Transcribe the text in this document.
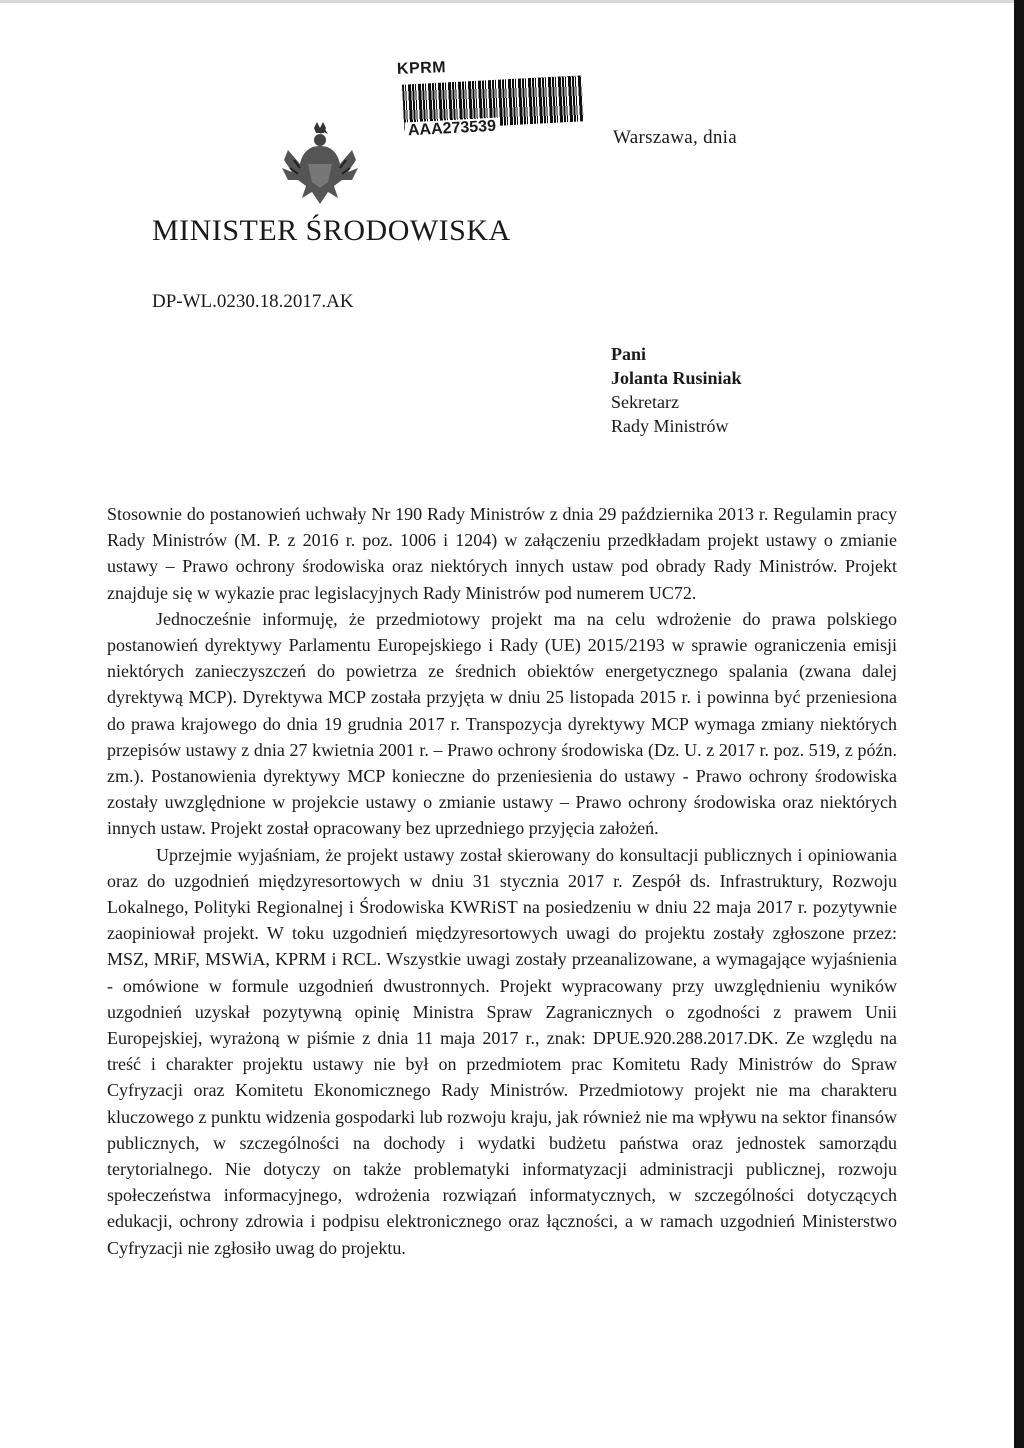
KPRM
AAA273539	Warszawa, dnia
MINISTER ŚRODOWISKA
DP-WL.0230.18.2017.AK
Pani
Jolanta Rusiniak
Sekretarz
Rady Ministrów

Stosownie do postanowień uchwały Nr 190 Rady Ministrów z dnia 29 października 2013 r. Regulamin pracy Rady Ministrów (M. P. z 2016 r. poz. 1006 i 1204) w załączeniu przedkładam projekt ustawy o zmianie ustawy – Prawo ochrony środowiska oraz niektórych innych ustaw pod obrady Rady Ministrów. Projekt znajduje się w wykazie prac legislacyjnych Rady Ministrów pod numerem UC72.

Jednocześnie informuję, że przedmiotowy projekt ma na celu wdrożenie do prawa polskiego postanowień dyrektywy Parlamentu Europejskiego i Rady (UE) 2015/2193 w sprawie ograniczenia emisji niektórych zanieczyszczeń do powietrza ze średnich obiektów energetycznego spalania (zwana dalej dyrektywą MCP). Dyrektywa MCP została przyjęta w dniu 25 listopada 2015 r. i powinna być przeniesiona do prawa krajowego do dnia 19 grudnia 2017 r. Transpozycja dyrektywy MCP wymaga zmiany niektórych przepisów ustawy z dnia 27 kwietnia 2001 r. – Prawo ochrony środowiska (Dz. U. z 2017 r. poz. 519, z późn. zm.). Postanowienia dyrektywy MCP konieczne do przeniesienia do ustawy - Prawo ochrony środowiska zostały uwzględnione w projekcie ustawy o zmianie ustawy – Prawo ochrony środowiska oraz niektórych innych ustaw. Projekt został opracowany bez uprzedniego przyjęcia założeń.

Uprzejmie wyjaśniam, że projekt ustawy został skierowany do konsultacji publicznych i opiniowania oraz do uzgodnień międzyresortowych w dniu 31 stycznia 2017 r. Zespół ds. Infrastruktury, Rozwoju Lokalnego, Polityki Regionalnej i Środowiska KWRiST na posiedzeniu w dniu 22 maja 2017 r. pozytywnie zaopiniował projekt. W toku uzgodnień międzyresortowych uwagi do projektu zostały zgłoszone przez: MSZ, MRiF, MSWiA, KPRM i RCL. Wszystkie uwagi zostały przeanalizowane, a wymagające wyjaśnienia - omówione w formule uzgodnień dwustronnych. Projekt wypracowany przy uwzględnieniu wyników uzgodnień uzyskał pozytywną opinię Ministra Spraw Zagranicznych o zgodności z prawem Unii Europejskiej, wyrażoną w piśmie z dnia 11 maja 2017 r., znak: DPUE.920.288.2017.DK. Ze względu na treść i charakter projektu ustawy nie był on przedmiotem prac Komitetu Rady Ministrów do Spraw Cyfryzacji oraz Komitetu Ekonomicznego Rady Ministrów. Przedmiotowy projekt nie ma charakteru kluczowego z punktu widzenia gospodarki lub rozwoju kraju, jak również nie ma wpływu na sektor finansów publicznych, w szczególności na dochody i wydatki budżetu państwa oraz jednostek samorządu terytorialnego. Nie dotyczy on także problematyki informatyzacji administracji publicznej, rozwoju społeczeństwa informacyjnego, wdrożenia rozwiązań informatycznych, w szczególności dotyczących edukacji, ochrony zdrowia i podpisu elektronicznego oraz łączności, a w ramach uzgodnień Ministerstwo Cyfryzacji nie zgłosiło uwag do projektu.
